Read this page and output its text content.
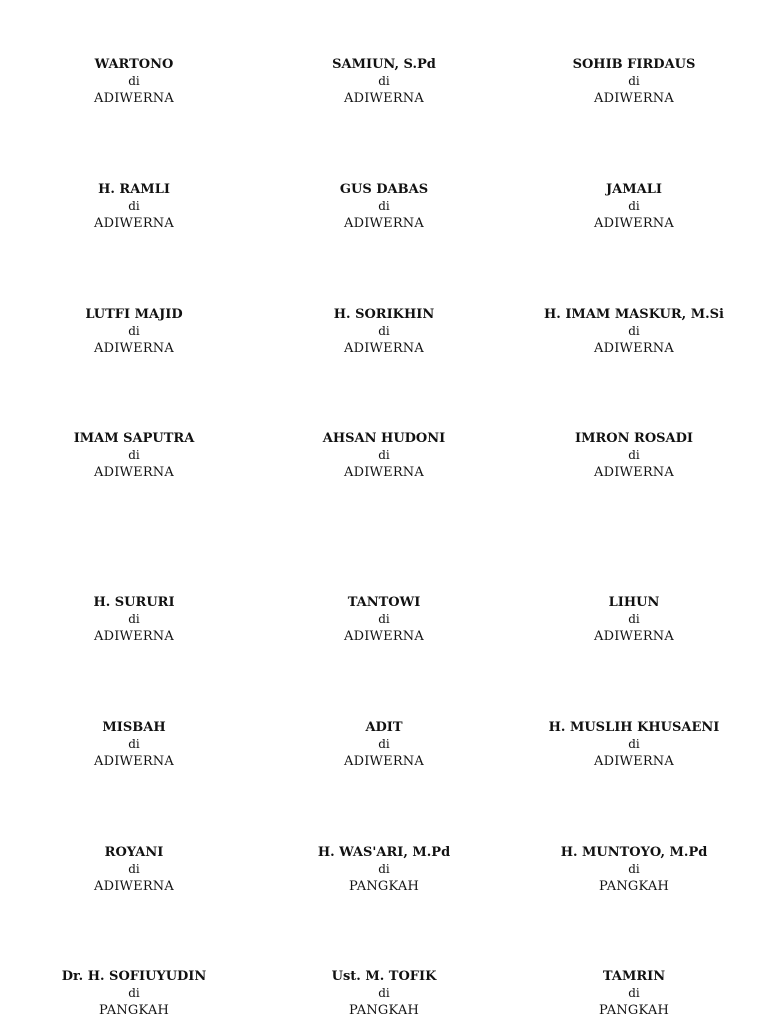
WARTONO
di
ADIWERNA
SAMIUN, S.Pd
di
ADIWERNA
SOHIB FIRDAUS
di
ADIWERNA
H. RAMLI
di
ADIWERNA
GUS DABAS
di
ADIWERNA
JAMALI
di
ADIWERNA
LUTFI MAJID
di
ADIWERNA
H. SORIKHIN
di
ADIWERNA
H. IMAM MASKUR, M.Si
di
ADIWERNA
IMAM SAPUTRA
di
ADIWERNA
AHSAN HUDONI
di
ADIWERNA
IMRON ROSADI
di
ADIWERNA
H. SURURI
di
ADIWERNA
TANTOWI
di
ADIWERNA
LIHUN
di
ADIWERNA
MISBAH
di
ADIWERNA
ADIT
di
ADIWERNA
H. MUSLIH KHUSAENI
di
ADIWERNA
ROYANI
di
ADIWERNA
H. WAS'ARI, M.Pd
di
PANGKAH
H. MUNTOYO, M.Pd
di
PANGKAH
Dr. H. SOFIUYUDIN
di
PANGKAH
Ust. M. TOFIK
di
PANGKAH
TAMRIN
di
PANGKAH
